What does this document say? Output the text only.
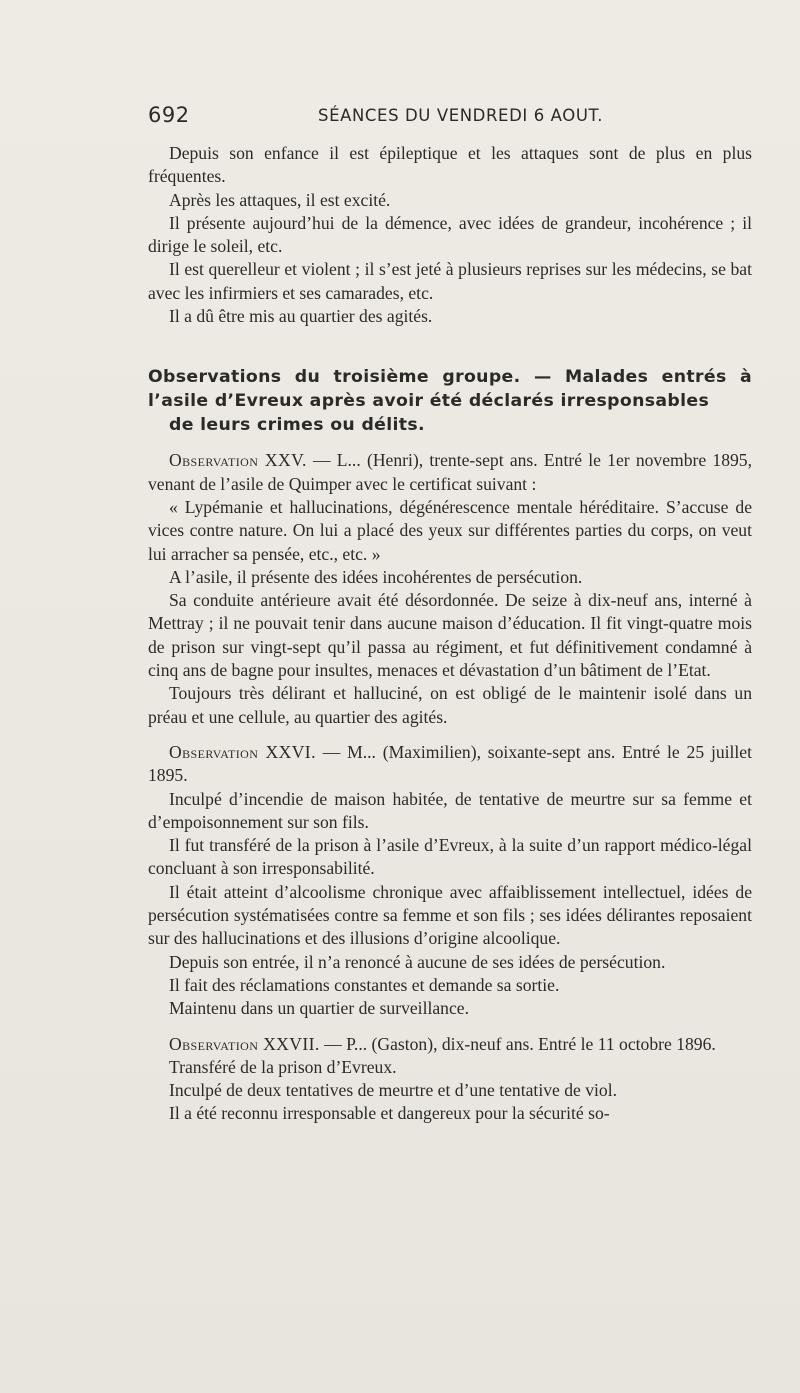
692	SÉANCES DU VENDREDI 6 AOUT.

Depuis son enfance il est épileptique et les attaques sont de plus en plus fréquentes.

Après les attaques, il est excité.

Il présente aujourd’hui de la démence, avec idées de grandeur, incohérence ; il dirige le soleil, etc.

Il est querelleur et violent ; il s’est jeté à plusieurs reprises sur les médecins, se bat avec les infirmiers et ses camarades, etc.

Il a dû être mis au quartier des agités.

Observations du troisième groupe. — Malades entrés à l’asile d’Evreux après avoir été déclarés irresponsables
de leurs crimes ou délits.

Observation XXV. — L... (Henri), trente-sept ans. Entré le 1er novembre 1895, venant de l’asile de Quimper avec le certificat suivant :

« Lypémanie et hallucinations, dégénérescence mentale héréditaire. S’accuse de vices contre nature. On lui a placé des yeux sur différentes parties du corps, on veut lui arracher sa pensée, etc., etc. »

A l’asile, il présente des idées incohérentes de persécution.

Sa conduite antérieure avait été désordonnée. De seize à dix-neuf ans, interné à Mettray ; il ne pouvait tenir dans aucune maison d’éducation. Il fit vingt-quatre mois de prison sur vingt-sept qu’il passa au régiment, et fut définitivement condamné à cinq ans de bagne pour insultes, menaces et dévastation d’un bâtiment de l’Etat.

Toujours très délirant et halluciné, on est obligé de le maintenir isolé dans un préau et une cellule, au quartier des agités.

Observation XXVI. — M... (Maximilien), soixante-sept ans. Entré le 25 juillet 1895.

Inculpé d’incendie de maison habitée, de tentative de meurtre sur sa femme et d’empoisonnement sur son fils.

Il fut transféré de la prison à l’asile d’Evreux, à la suite d’un rapport médico-légal concluant à son irresponsabilité.

Il était atteint d’alcoolisme chronique avec affaiblissement intellectuel, idées de persécution systématisées contre sa femme et son fils ; ses idées délirantes reposaient sur des hallucinations et des illusions d’origine alcoolique.

Depuis son entrée, il n’a renoncé à aucune de ses idées de persécution.

Il fait des réclamations constantes et demande sa sortie.

Maintenu dans un quartier de surveillance.

Observation XXVII. — P... (Gaston), dix-neuf ans. Entré le 11 octobre 1896.

Transféré de la prison d’Evreux.

Inculpé de deux tentatives de meurtre et d’une tentative de viol.

Il a été reconnu irresponsable et dangereux pour la sécurité so-
